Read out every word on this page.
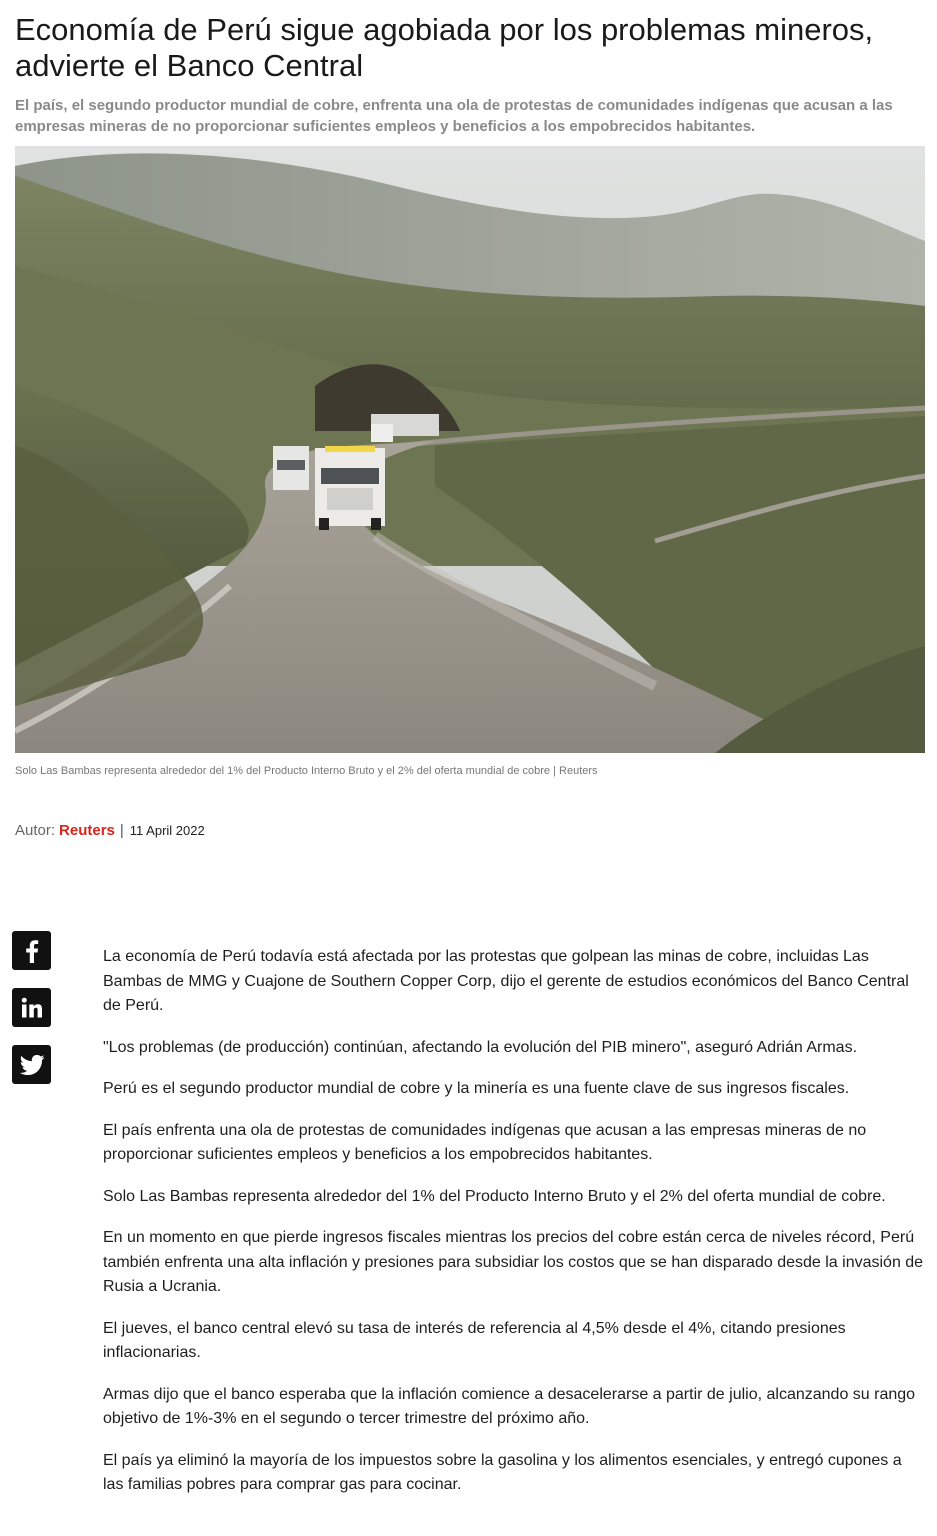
Economía de Perú sigue agobiada por los problemas mineros, advierte el Banco Central

El país, el segundo productor mundial de cobre, enfrenta una ola de protestas de comunidades indígenas que acusan a las empresas mineras de no proporcionar suficientes empleos y beneficios a los empobrecidos habitantes.

Solo Las Bambas representa alrededor del 1% del Producto Interno Bruto y el 2% del oferta mundial de cobre | Reuters

Autor: Reuters | 11 April 2022

La economía de Perú todavía está afectada por las protestas que golpean las minas de cobre, incluidas Las Bambas de MMG y Cuajone de Southern Copper Corp, dijo el gerente de estudios económicos del Banco Central de Perú.

"Los problemas (de producción) continúan, afectando la evolución del PIB minero", aseguró Adrián Armas.

Perú es el segundo productor mundial de cobre y la minería es una fuente clave de sus ingresos fiscales.

El país enfrenta una ola de protestas de comunidades indígenas que acusan a las empresas mineras de no proporcionar suficientes empleos y beneficios a los empobrecidos habitantes.

Solo Las Bambas representa alrededor del 1% del Producto Interno Bruto y el 2% del oferta mundial de cobre.

En un momento en que pierde ingresos fiscales mientras los precios del cobre están cerca de niveles récord, Perú también enfrenta una alta inflación y presiones para subsidiar los costos que se han disparado desde la invasión de Rusia a Ucrania.

El jueves, el banco central elevó su tasa de interés de referencia al 4,5% desde el 4%, citando presiones inflacionarias.

Armas dijo que el banco esperaba que la inflación comience a desacelerarse a partir de julio, alcanzando su rango objetivo de 1%-3% en el segundo o tercer trimestre del próximo año.

El país ya eliminó la mayoría de los impuestos sobre la gasolina y los alimentos esenciales, y entregó cupones a las familias pobres para comprar gas para cocinar.
